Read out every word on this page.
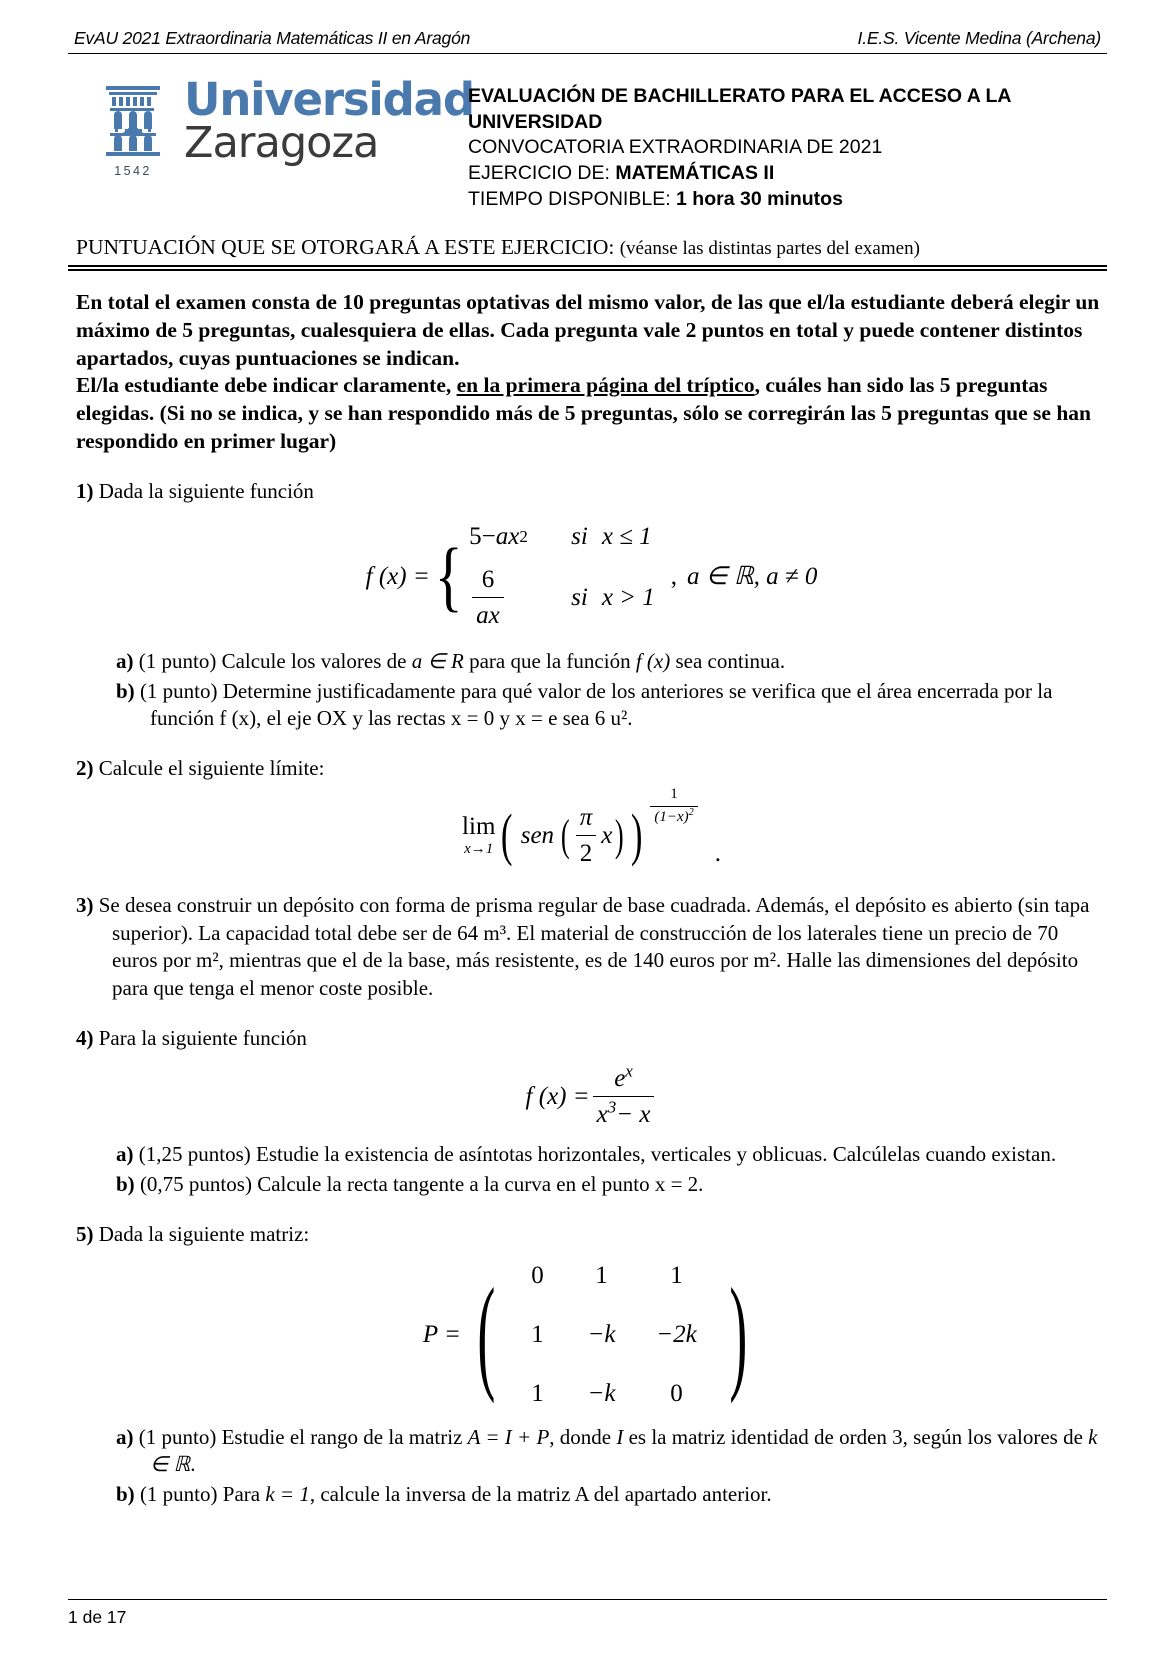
EvAU 2021 Extraordinaria Matemáticas II en Aragón	I.E.S. Vicente Medina (Archena)
1542
Universidad
Zaragoza
EVALUACIÓN DE BACHILLERATO PARA EL ACCESO A LA
UNIVERSIDAD
CONVOCATORIA EXTRAORDINARIA DE 2021
EJERCICIO DE: MATEMÁTICAS II
TIEMPO DISPONIBLE: 1 hora 30 minutos
PUNTUACIÓN QUE SE OTORGARÁ A ESTE EJERCICIO: (véanse las distintas partes del examen)

En total el examen consta de 10 preguntas optativas del mismo valor, de las que el/la estudiante deberá elegir un máximo de 5 preguntas, cualesquiera de ellas. Cada pregunta vale 2 puntos en total y puede contener distintos apartados, cuyas puntuaciones se indican.

El/la estudiante debe indicar claramente, en la primera página del tríptico, cuáles han sido las 5 preguntas elegidas. (Si no se indica, y se han respondido más de 5 preguntas, sólo se corregirán las 5 preguntas que se han respondido en primer lugar)

1) Dada la siguiente función
f (x) = { 5 − ax 2 si x ≤ 1
$\frac{6}{ax}$	si x > 1
, a ∈ ℝ, a ≠ 0
a) (1 punto) Calcule los valores de a ∈ R para que la función f (x) sea continua.
b) (1 punto) Determine justificadamente para qué valor de los anteriores se verifica que el área encerrada por la función f (x), el eje OX y las rectas x = 0 y x = e sea 6 u².
2) Calcule el siguiente límite:
lim
x→1 ( sen ( $\frac{\pi}{2}$ x ) ) $\frac{1}{(1-x)^2}$
.
3) Se desea construir un depósito con forma de prisma regular de base cuadrada. Además, el depósito es abierto (sin tapa superior). La capacidad total debe ser de 64 m³. El material de construcción de los laterales tiene un precio de 70 euros por m², mientras que el de la base, más resistente, es de 140 euros por m². Halle las dimensiones del depósito para que tenga el menor coste posible.
4) Para la siguiente función
f $(x) = \frac{e^x}{x^3- x}$
a) (1,25 puntos) Estudie la existencia de asíntotas horizontales, verticales y oblicuas. Calcúlelas cuando existan.
b) (0,75 puntos) Calcule la recta tangente a la curva en el punto x = 2.
5) Dada la siguiente matriz:
P = (	0	1	1
1	−k	−2k
1	−k	0 )
a) (1 punto) Estudie el rango de la matriz A = I + P, donde I es la matriz identidad de orden 3, según los valores de k ∈ ℝ.
b) (1 punto) Para k = 1, calcule la inversa de la matriz A del apartado anterior.
1 de 17
